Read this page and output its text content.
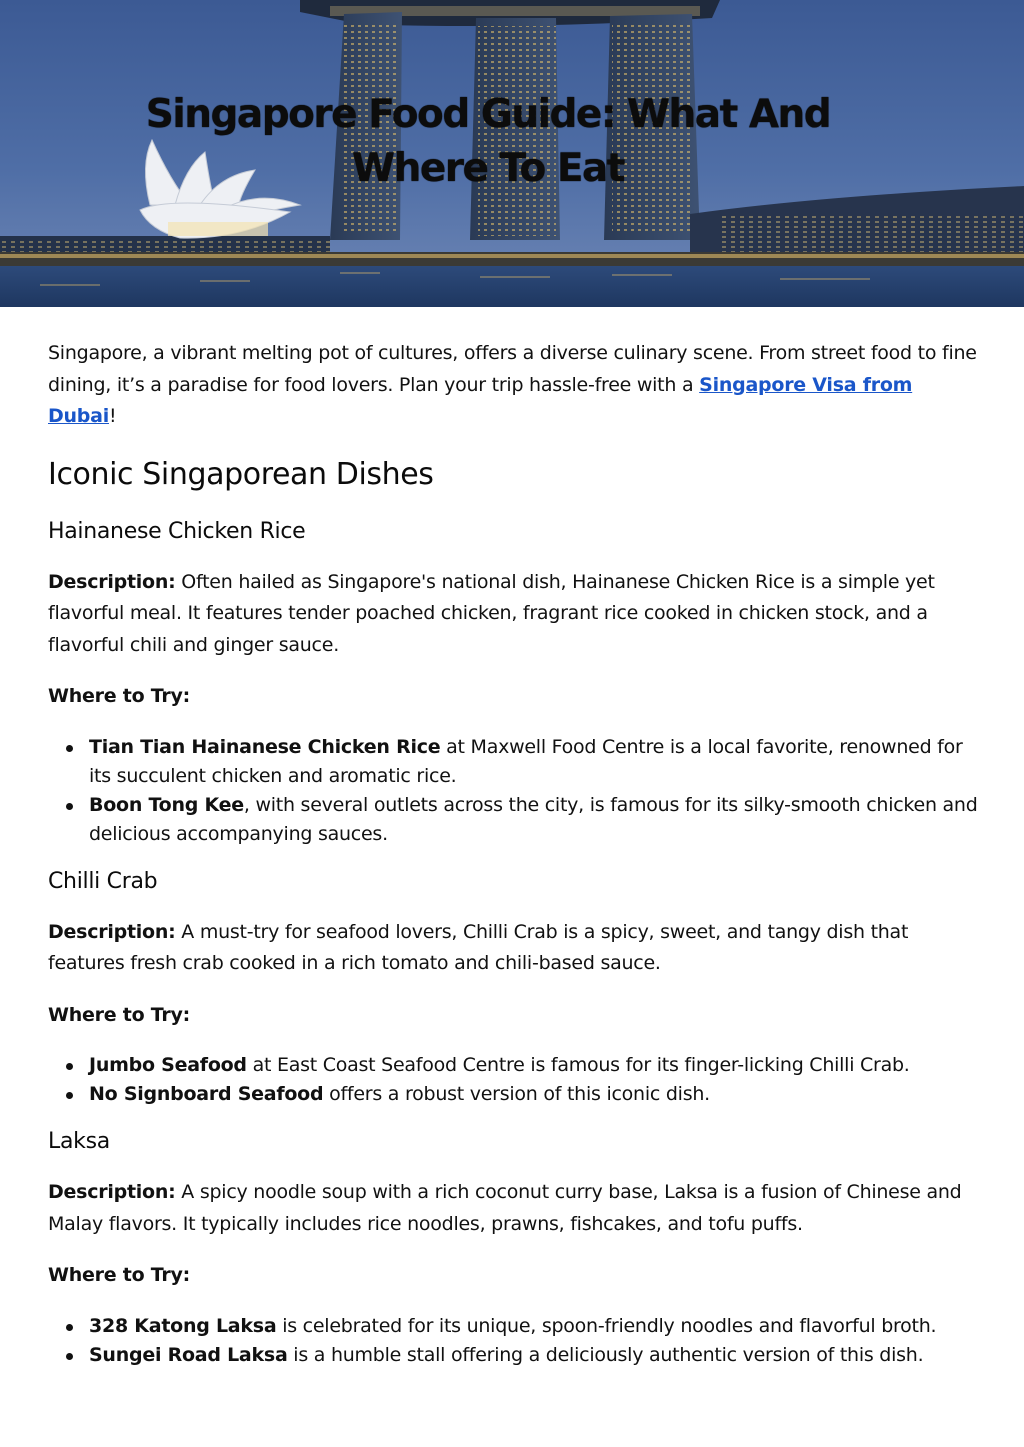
Singapore Food Guide: What And
Where To Eat

Singapore, a vibrant melting pot of cultures, offers a diverse culinary scene. From street food to fine dining, it’s a paradise for food lovers. Plan your trip hassle-free with a Singapore Visa from Dubai!

Iconic Singaporean Dishes
Hainanese Chicken Rice

Description: Often hailed as Singapore's national dish, Hainanese Chicken Rice is a simple yet flavorful meal. It features tender poached chicken, fragrant rice cooked in chicken stock, and a flavorful chili and ginger sauce.

Where to Try:

Tian Tian Hainanese Chicken Rice at Maxwell Food Centre is a local favorite, renowned for its succulent chicken and aromatic rice.
Boon Tong Kee, with several outlets across the city, is famous for its silky-smooth chicken and delicious accompanying sauces.
Chilli Crab

Description: A must-try for seafood lovers, Chilli Crab is a spicy, sweet, and tangy dish that features fresh crab cooked in a rich tomato and chili-based sauce.

Where to Try:

Jumbo Seafood at East Coast Seafood Centre is famous for its finger-licking Chilli Crab.
No Signboard Seafood offers a robust version of this iconic dish.
Laksa

Description: A spicy noodle soup with a rich coconut curry base, Laksa is a fusion of Chinese and Malay flavors. It typically includes rice noodles, prawns, fishcakes, and tofu puffs.

Where to Try:

328 Katong Laksa is celebrated for its unique, spoon-friendly noodles and flavorful broth.
Sungei Road Laksa is a humble stall offering a deliciously authentic version of this dish.
